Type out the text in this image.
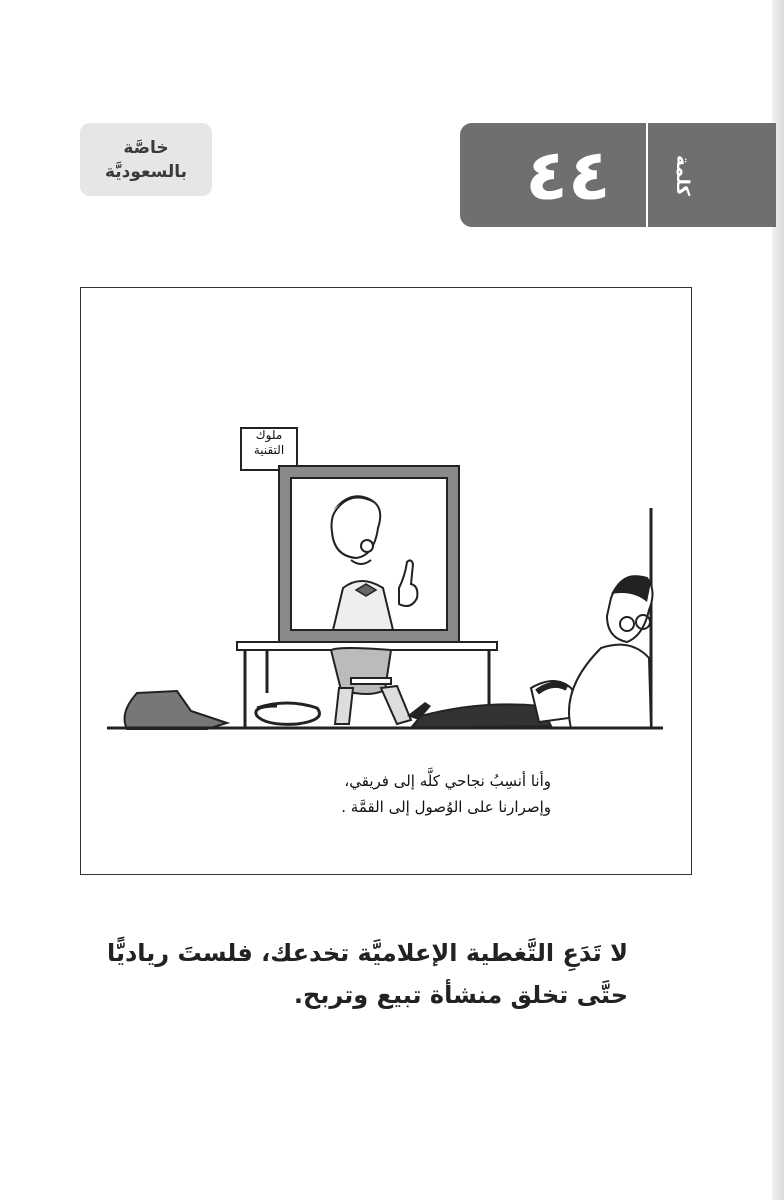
٤٤	كلمة
خاصَّة
بالسعوديَّة
ملوك
التقنية
وأنا أنسِبُ نجاحي كلَّه إلى فريقي،
وإصرارنا على الوُصول إلى القمَّة .
لا تَدَعِ التَّغطية الإعلاميَّة تخدعك، فلستَ رياديًّا
حتَّى تخلق منشأة تبيع وتربح.
